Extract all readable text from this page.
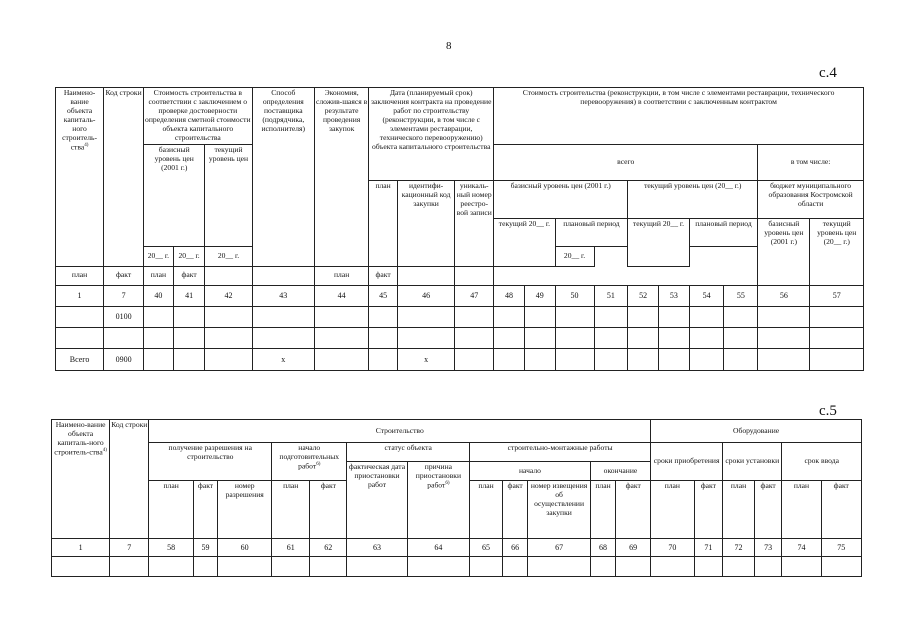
8
с.4
Наимено-вание объекта капиталь-ного строитель-ства$^{4)}$	Код строки	Стоимость строительства в соответствии с заключением о проверке достоверности определения сметной стоимости объекта капитального строительства			Способ определения поставщика (подрядчика, исполнителя)	Экономия, сложив-шаяся в результате проведения закупок	Дата (планируемый срок) заключения контракта на проведение работ по строительству (реконструкции, в том числе с элементами реставрации, технического перевооружению) объекта капитального строительства			Стоимость строительства (реконструкции, в том числе с элементами реставрации, технического перевооружения) в соответствии с заключенным контрактом									
		базисный уровень цен (2001 г.)		текущий уровень цен						всего								в том числе:	
							план	идентифи-кационный код закупки	уникаль-ный номер реестро-вой записи	базисный уровень цен (2001 г.)				текущий уровень цен (20__ г.)				бюджет муниципального образования Костромской области	
										текущий 20__ г.		плановый период		текущий 20__ г.		плановый период		базисный уровень цен (2001 г.)	текущий уровень цен (20__ г.)
		20__ г.	20__ г.	20__ г.								20__ г.							
план	факт	план	факт			план	факт												
1	7	40	41	42	43	44	45	46	47	48	49	50	51	52	53	54	55	56	57
	0100																		

Всего	0900				x			x											
с.5
Наимено-вание объекта капиталь-ного строитель-ства$^{4)}$	Код строки	Строительство												Оборудование					
		получение разрешения на строительство			начало подготовительных работ$^{6)}$		статус объекта		строительно-монтажные работы					сроки приобретения		сроки установки		срок ввода	
							фактическая дата приостановки работ	причина приостановки работ$^{6)}$	начало			окончание							
		план	факт	номер разрешения	план	факт			план	факт	номер извещения об осуществлении закупки	план	факт	план	факт	план	факт	план	факт
1	7	58	59	60	61	62	63	64	65	66	67	68	69	70	71	72	73	74	75
